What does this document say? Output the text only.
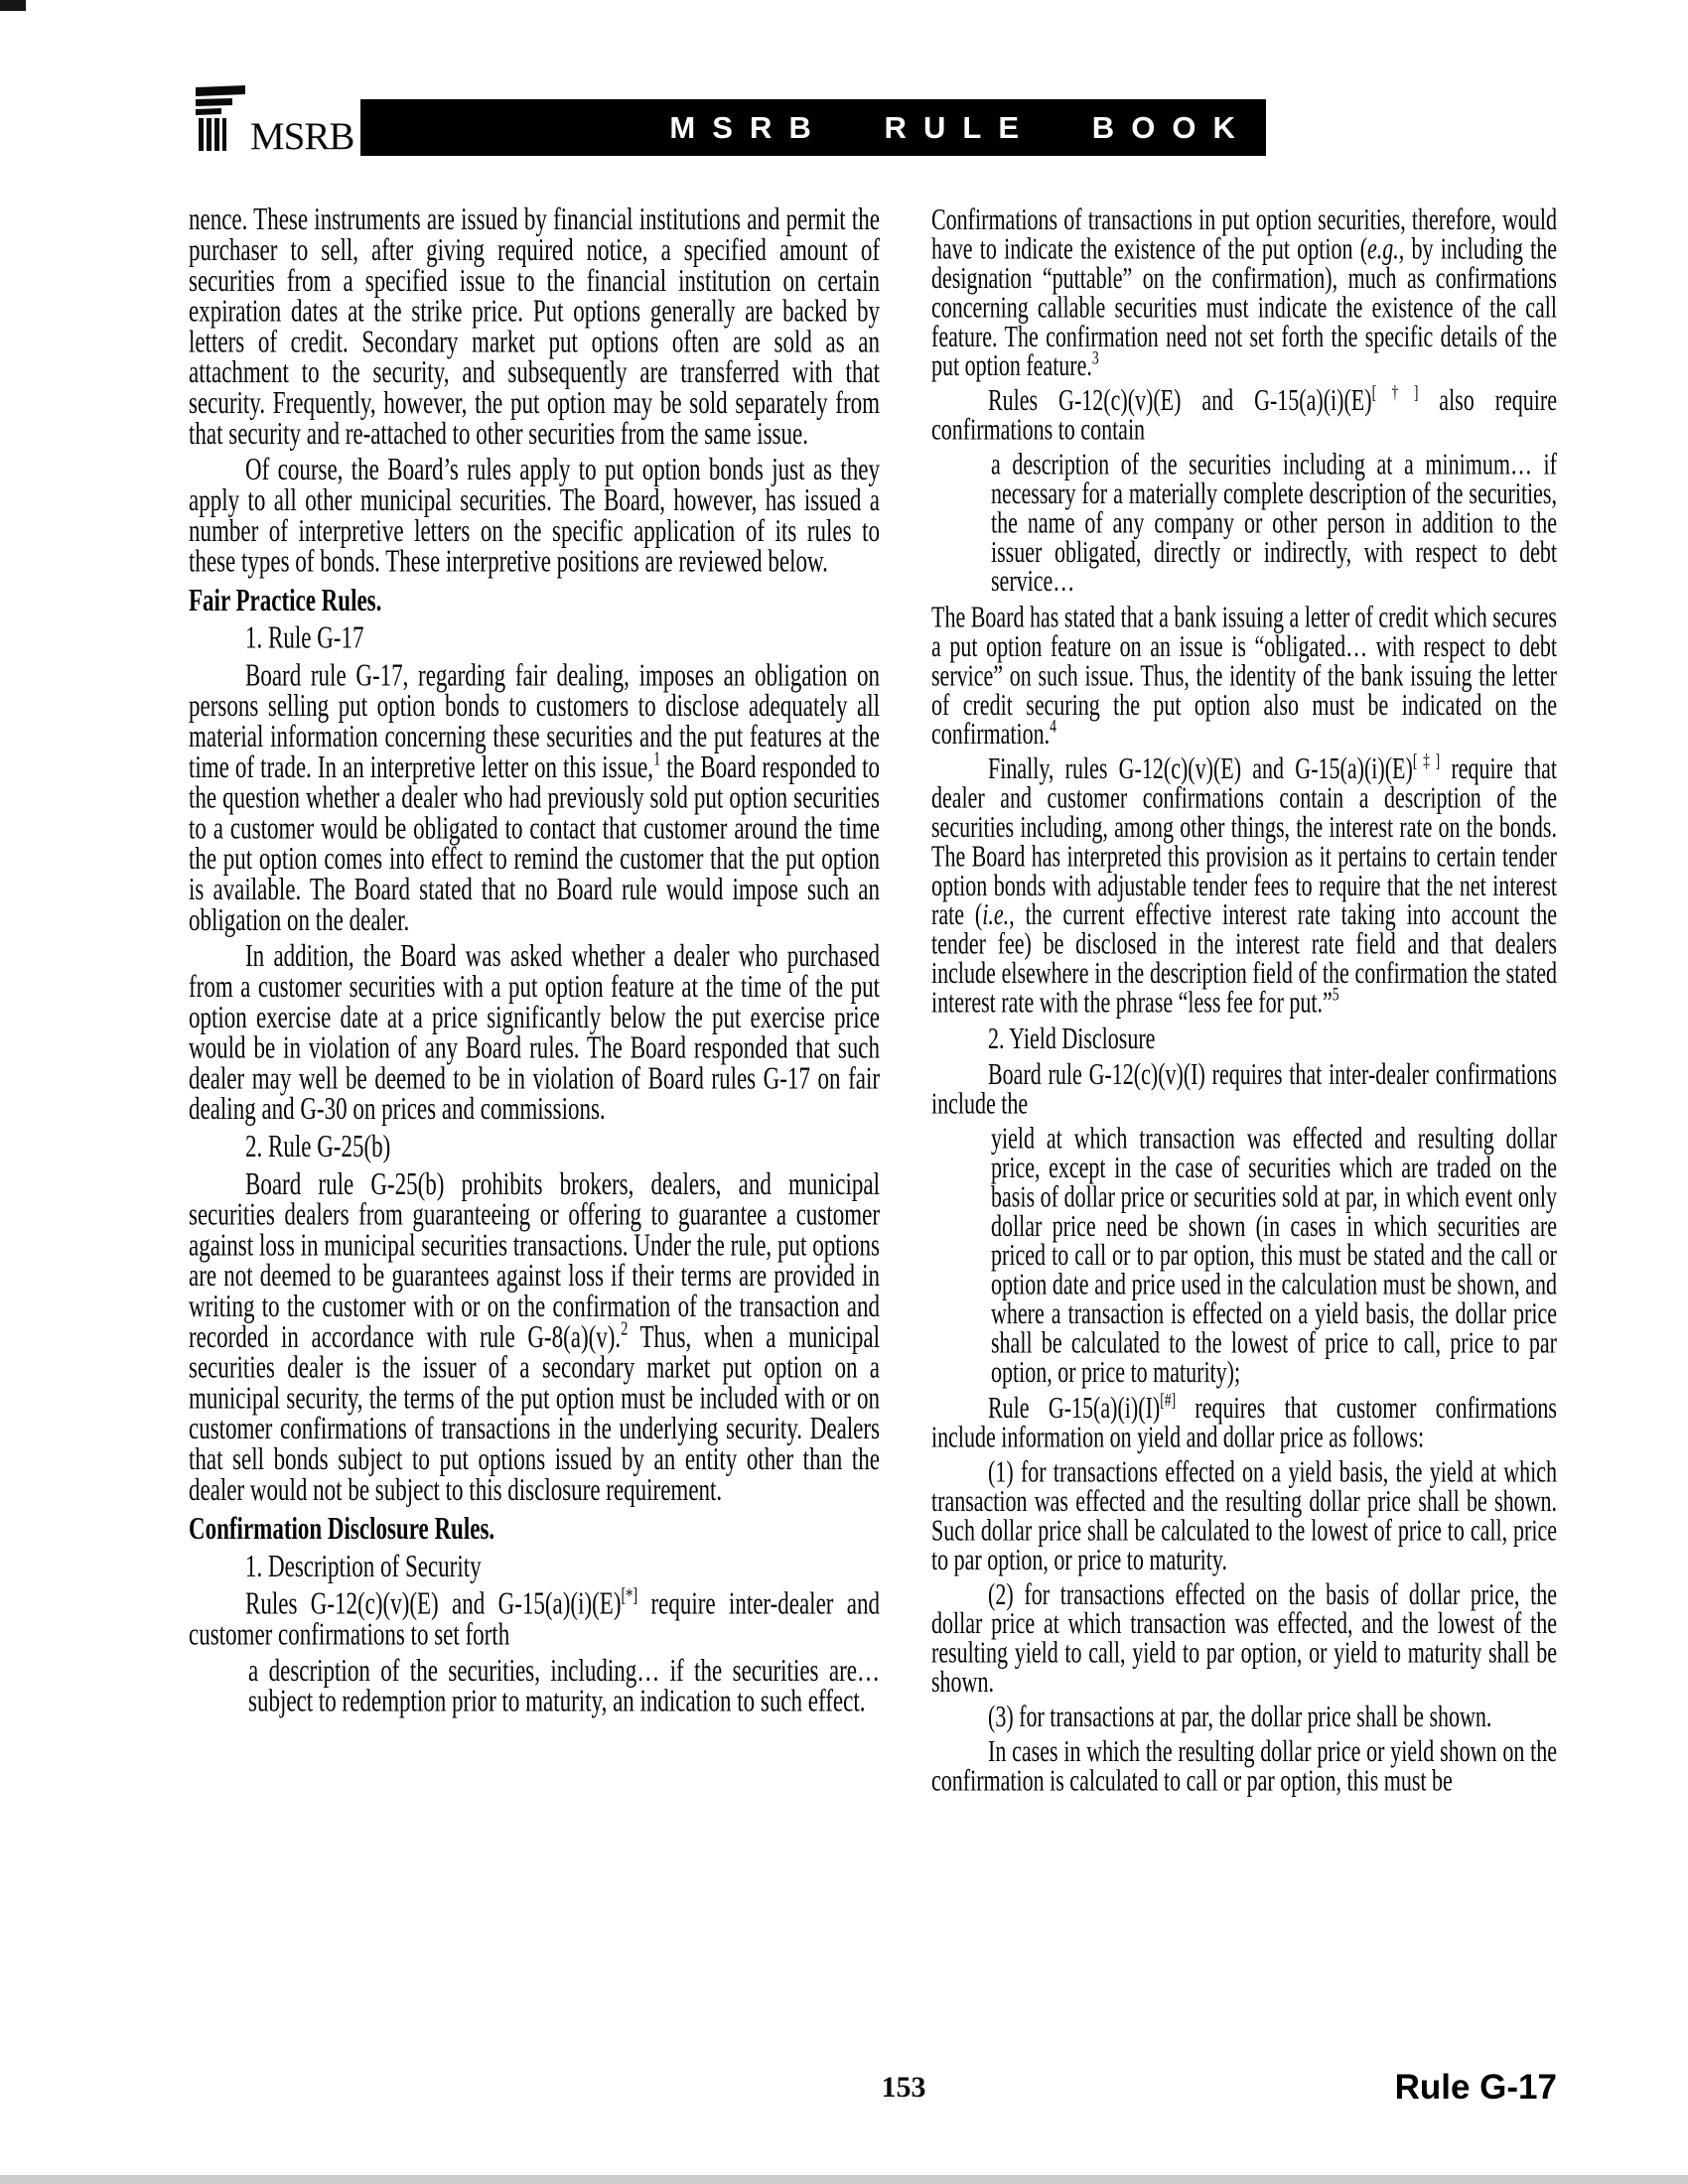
MSRB	MSRB RULE BOOK

nence. These instruments are issued by financial institutions and permit the purchaser to sell, after giving required notice, a specified amount of securities from a specified issue to the financial institution on certain expiration dates at the strike price. Put options generally are backed by letters of credit. Secondary market put options often are sold as an attachment to the security, and subsequently are transferred with that security. Frequently, however, the put option may be sold separately from that security and re-attached to other securities from the same issue.

Of course, the Board’s rules apply to put option bonds just as they apply to all other municipal securities. The Board, however, has issued a number of interpretive letters on the specific application of its rules to these types of bonds. These interpretive positions are reviewed below.

Fair Practice Rules.

1. Rule G-17

Board rule G-17, regarding fair dealing, imposes an obligation on persons selling put option bonds to customers to disclose adequately all material information concerning these securities and the put features at the time of trade. In an interpretive letter on this issue,$^1$ the Board responded to the question whether a dealer who had previously sold put option securities to a customer would be obligated to contact that customer around the time the put option comes into effect to remind the customer that the put option is available. The Board stated that no Board rule would impose such an obligation on the dealer.

In addition, the Board was asked whether a dealer who purchased from a customer securities with a put option feature at the time of the put option exercise date at a price significantly below the put exercise price would be in violation of any Board rules. The Board responded that such dealer may well be deemed to be in violation of Board rules G-17 on fair dealing and G-30 on prices and commissions.

2. Rule G-25(b)

Board rule G-25(b) prohibits brokers, dealers, and municipal securities dealers from guaranteeing or offering to guarantee a customer against loss in municipal securities transactions. Under the rule, put options are not deemed to be guarantees against loss if their terms are provided in writing to the customer with or on the confirmation of the transaction and recorded in accordance with rule G-8(a)(v).$^2$ Thus, when a municipal securities dealer is the issuer of a secondary market put option on a municipal security, the terms of the put option must be included with or on customer confirmations of transactions in the underlying security. Dealers that sell bonds subject to put options issued by an entity other than the dealer would not be subject to this disclosure requirement.

Confirmation Disclosure Rules.

1. Description of Security

Rules G-12(c)(v)(E) and G-15(a)(i)(E)[*] require inter-dealer and customer confirmations to set forth

a description of the securities, including… if the securities are… subject to redemption prior to maturity, an indication to such effect.

Confirmations of transactions in put option securities, therefore, would have to indicate the existence of the put option (e.g., by including the designation “puttable” on the confirmation), much as confirmations concerning callable securities must indicate the existence of the call feature. The confirmation need not set forth the specific details of the put option feature.$^3$

Rules G-12(c)(v)(E) and G-15(a)(i)(E)[†] also require confirmations to contain

a description of the securities including at a minimum… if necessary for a materially complete description of the securities, the name of any company or other person in addition to the issuer obligated, directly or indirectly, with respect to debt service…

The Board has stated that a bank issuing a letter of credit which secures a put option feature on an issue is “obligated… with respect to debt service” on such issue. Thus, the identity of the bank issuing the letter of credit securing the put option also must be indicated on the confirmation.$^4$

Finally, rules G-12(c)(v)(E) and G-15(a)(i)(E)[‡] require that dealer and customer confirmations contain a description of the securities including, among other things, the interest rate on the bonds. The Board has interpreted this provision as it pertains to certain tender option bonds with adjustable tender fees to require that the net interest rate (i.e., the current effective interest rate taking into account the tender fee) be disclosed in the interest rate field and that dealers include elsewhere in the description field of the confirmation the stated interest rate with the phrase “less fee for put.”$^5$

2. Yield Disclosure

Board rule G-12(c)(v)(I) requires that inter-dealer confirmations include the

yield at which transaction was effected and resulting dollar price, except in the case of securities which are traded on the basis of dollar price or securities sold at par, in which event only dollar price need be shown (in cases in which securities are priced to call or to par option, this must be stated and the call or option date and price used in the calculation must be shown, and where a transaction is effected on a yield basis, the dollar price shall be calculated to the lowest of price to call, price to par option, or price to maturity);

Rule G-15(a)(i)(I)[#] requires that customer confirmations include information on yield and dollar price as follows:

(1) for transactions effected on a yield basis, the yield at which transaction was effected and the resulting dollar price shall be shown. Such dollar price shall be calculated to the lowest of price to call, price to par option, or price to maturity.

(2) for transactions effected on the basis of dollar price, the dollar price at which transaction was effected, and the lowest of the resulting yield to call, yield to par option, or yield to maturity shall be shown.

(3) for transactions at par, the dollar price shall be shown.

In cases in which the resulting dollar price or yield shown on the confirmation is calculated to call or par option, this must be

153	Rule G-17
